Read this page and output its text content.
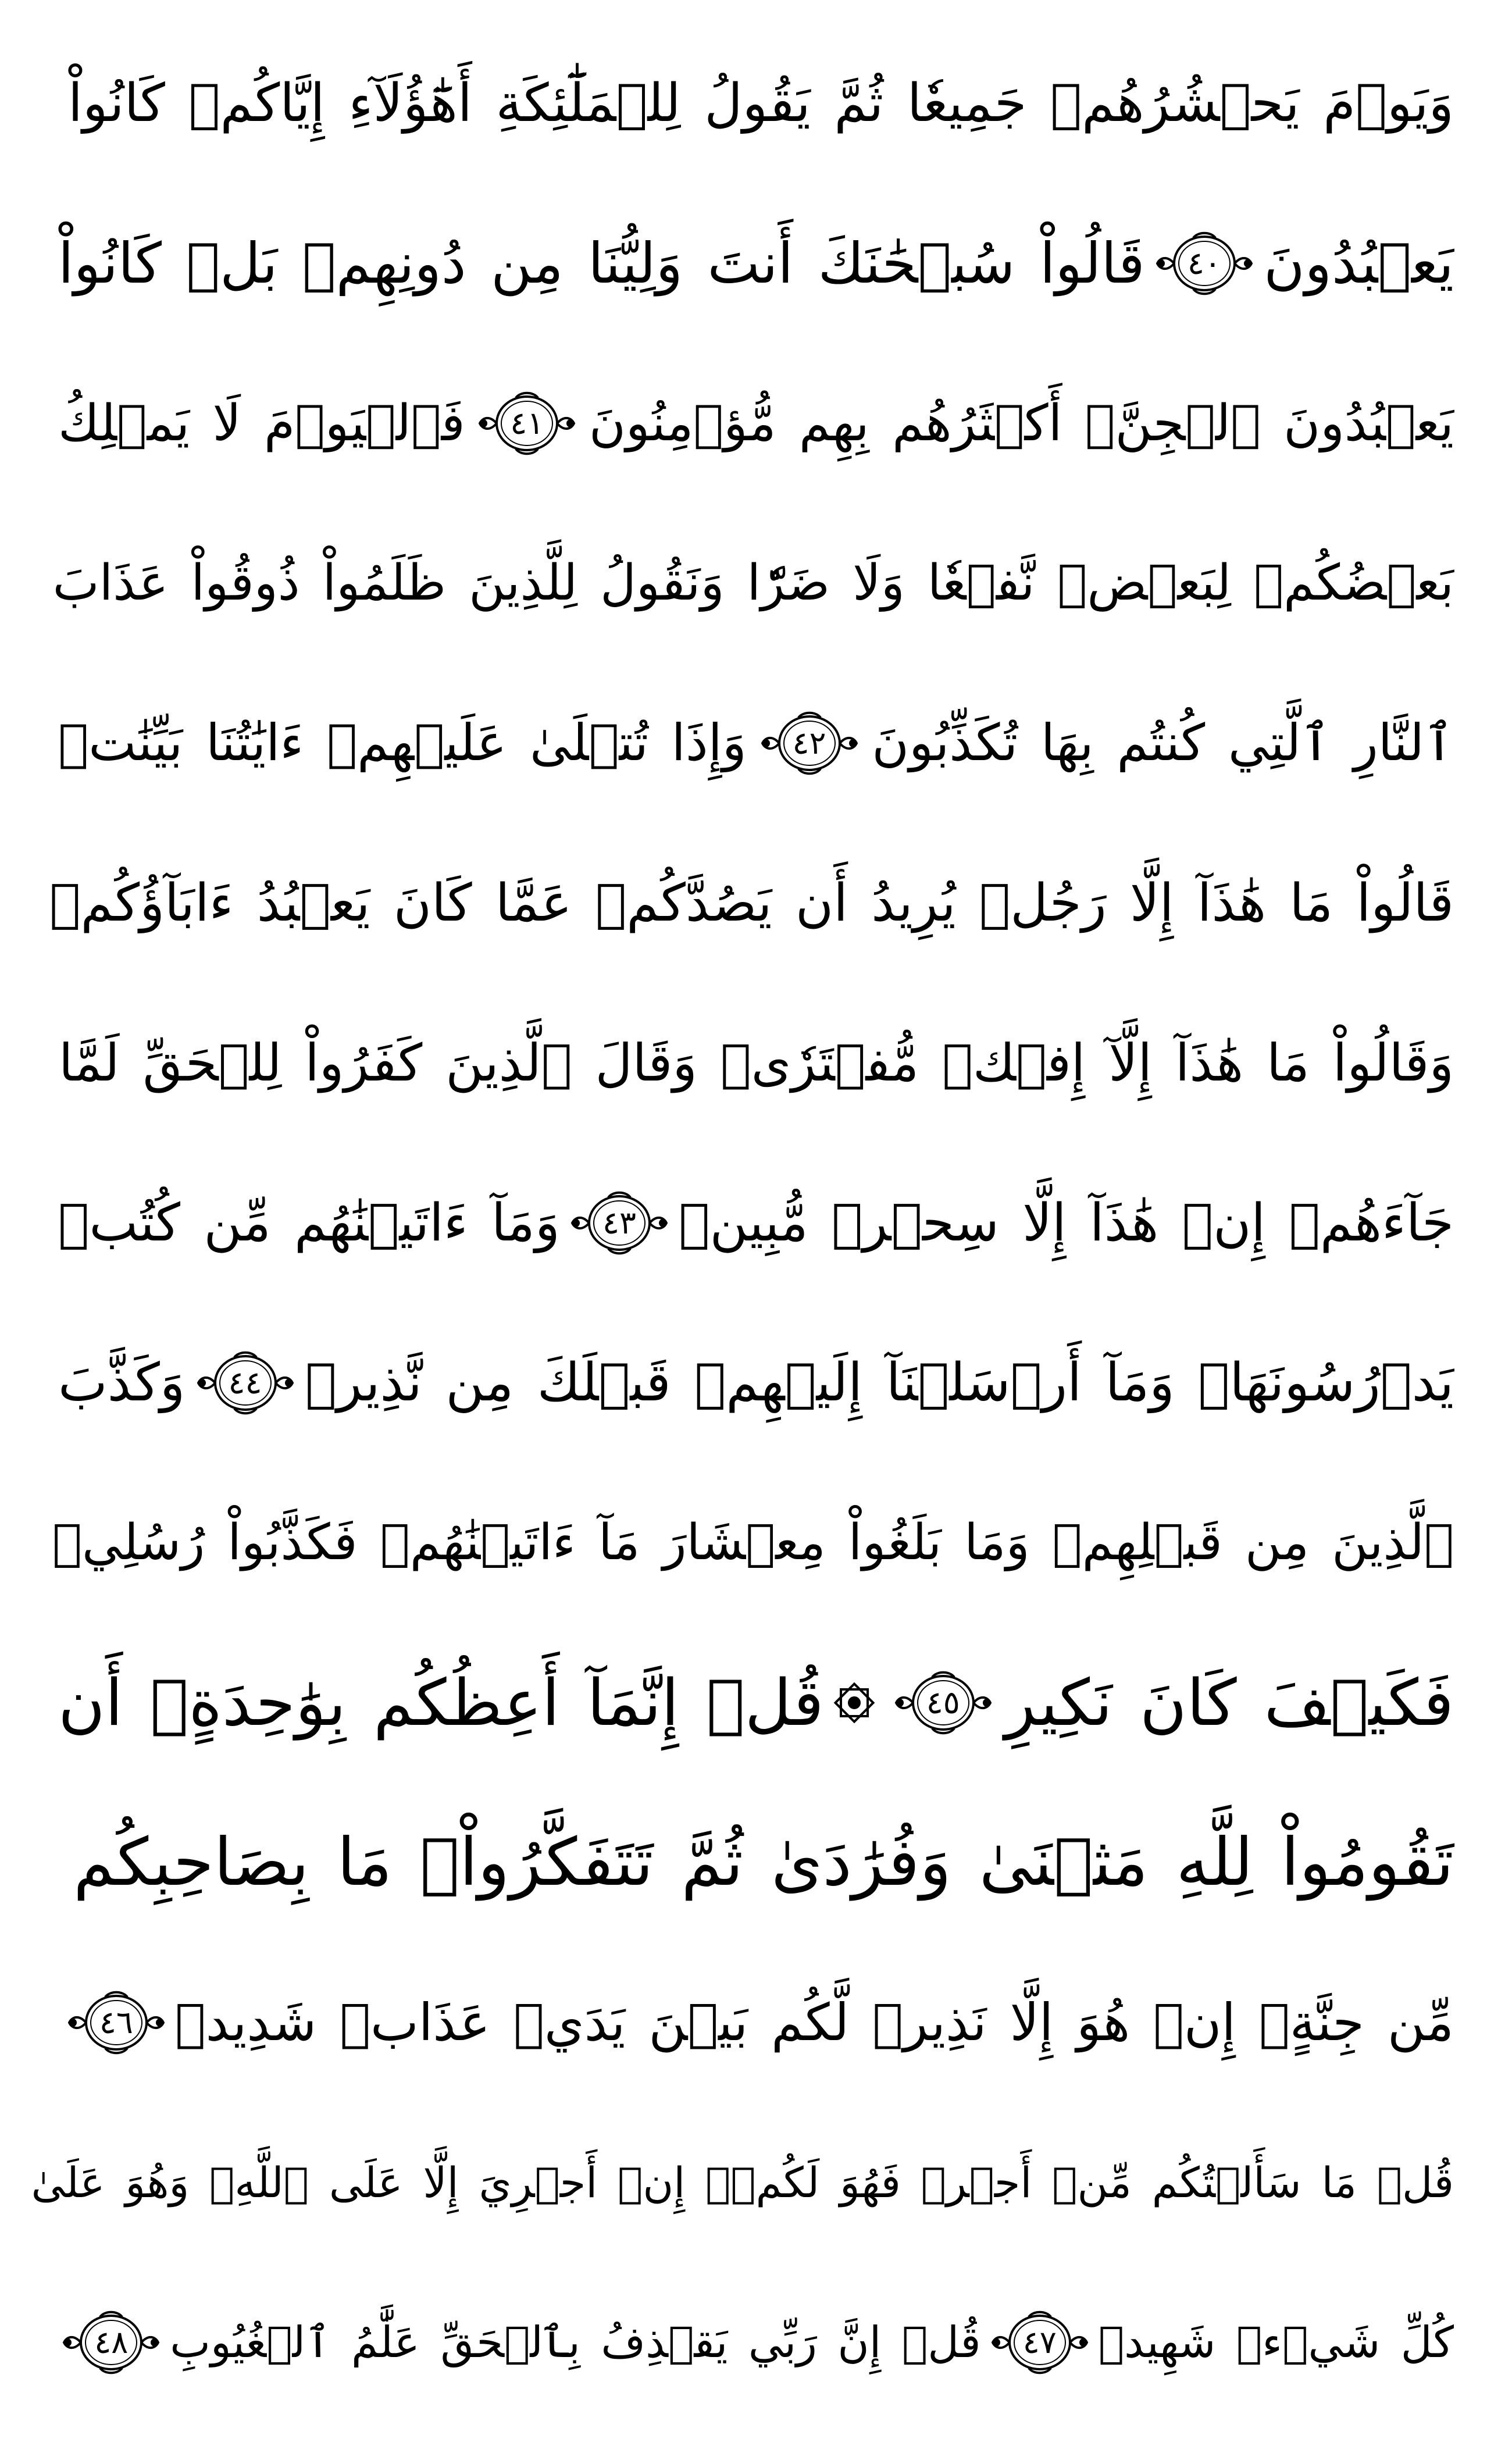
وَيَوۡمَ يَحۡشُرُهُمۡ جَمِيعٗا ثُمَّ يَقُولُ لِلۡمَلَٰٓئِكَةِ أَهَٰٓؤُلَآءِ إِيَّاكُمۡ كَانُواْ
يَعۡبُدُونَ
٤٠
قَالُواْ سُبۡحَٰنَكَ أَنتَ وَلِيُّنَا مِن دُونِهِمۖ بَلۡ كَانُواْ
يَعۡبُدُونَ ٱلۡجِنَّۖ أَكۡثَرُهُم بِهِم مُّؤۡمِنُونَ
٤١
فَٱلۡيَوۡمَ لَا يَمۡلِكُ
بَعۡضُكُمۡ لِبَعۡضٖ نَّفۡعٗا وَلَا ضَرّٗا وَنَقُولُ لِلَّذِينَ ظَلَمُواْ ذُوقُواْ عَذَابَ
ٱلنَّارِ ٱلَّتِي كُنتُم بِهَا تُكَذِّبُونَ
٤٢
وَإِذَا تُتۡلَىٰ عَلَيۡهِمۡ ءَايَٰتُنَا بَيِّنَٰتٖ
قَالُواْ مَا هَٰذَآ إِلَّا رَجُلٞ يُرِيدُ أَن يَصُدَّكُمۡ عَمَّا كَانَ يَعۡبُدُ ءَابَآؤُكُمۡ
وَقَالُواْ مَا هَٰذَآ إِلَّآ إِفۡكٞ مُّفۡتَرٗىۚ وَقَالَ ٱلَّذِينَ كَفَرُواْ لِلۡحَقِّ لَمَّا
جَآءَهُمۡ إِنۡ هَٰذَآ إِلَّا سِحۡرٞ مُّبِينٞ
٤٣
وَمَآ ءَاتَيۡنَٰهُم مِّن كُتُبٖ
يَدۡرُسُونَهَاۖ وَمَآ أَرۡسَلۡنَآ إِلَيۡهِمۡ قَبۡلَكَ مِن نَّذِيرٖ
٤٤
وَكَذَّبَ
ٱلَّذِينَ مِن قَبۡلِهِمۡ وَمَا بَلَغُواْ مِعۡشَارَ مَآ ءَاتَيۡنَٰهُمۡ فَكَذَّبُواْ رُسُلِيۖ
فَكَيۡفَ كَانَ نَكِيرِ
٤٥
قُلۡ إِنَّمَآ أَعِظُكُم بِوَٰحِدَةٍۖ أَن
تَقُومُواْ لِلَّهِ مَثۡنَىٰ وَفُرَٰدَىٰ ثُمَّ تَتَفَكَّرُواْۚ مَا بِصَاحِبِكُم
مِّن جِنَّةٍۚ إِنۡ هُوَ إِلَّا نَذِيرٞ لَّكُم بَيۡنَ يَدَيۡ عَذَابٖ شَدِيدٖ
٤٦
قُلۡ مَا سَأَلۡتُكُم مِّنۡ أَجۡرٖ فَهُوَ لَكُمۡۖ إِنۡ أَجۡرِيَ إِلَّا عَلَى ٱللَّهِۖ وَهُوَ عَلَىٰ
كُلِّ شَيۡءٖ شَهِيدٞ
٤٧
قُلۡ إِنَّ رَبِّي يَقۡذِفُ بِٱلۡحَقِّ عَلَّٰمُ ٱلۡغُيُوبِ
٤٨
